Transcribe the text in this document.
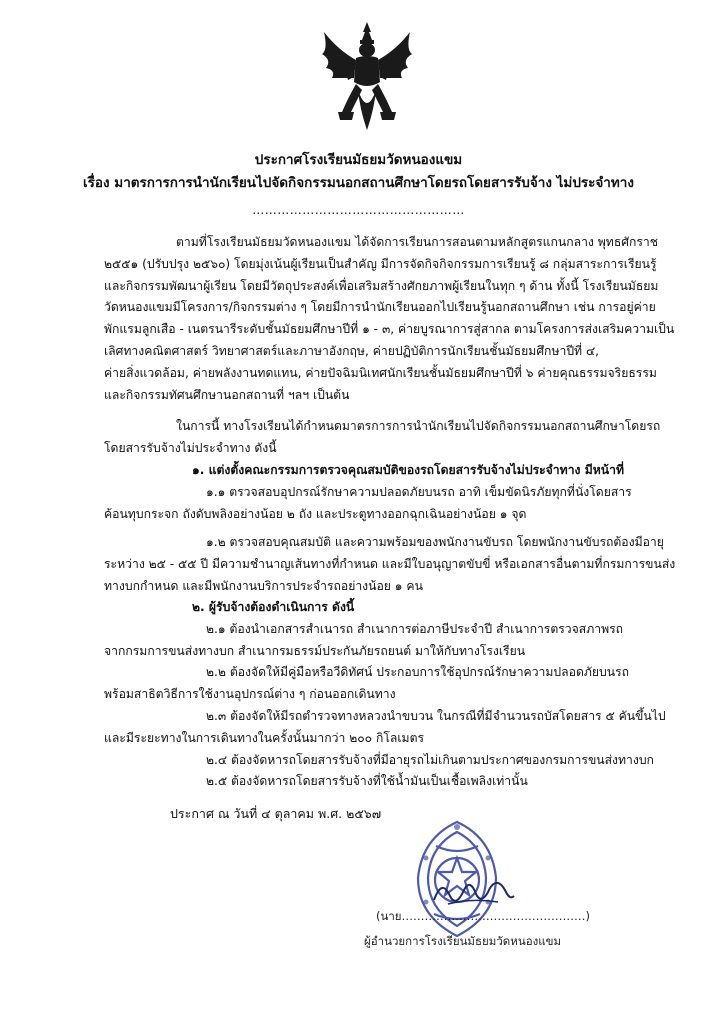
ประกาศโรงเรียนมัธยมวัดหนองแขม
เรื่อง มาตรการการนำนักเรียนไปจัดกิจกรรมนอกสถานศึกษาโดยรถโดยสารรับจ้าง ไม่ประจำทาง
……………………………………………
ตามที่โรงเรียนมัธยมวัดหนองแขม ได้จัดการเรียนการสอนตามหลักสูตรแกนกลาง พุทธศักราช
๒๕๕๑ (ปรับปรุง ๒๕๖๐) โดยมุ่งเน้นผู้เรียนเป็นสำคัญ มีการจัดกิจกิจกรรมการเรียนรู้ ๘ กลุ่มสาระการเรียนรู้
และกิจกรรมพัฒนาผู้เรียน โดยมีวัตถุประสงค์เพื่อเสริมสร้างศักยภาพผู้เรียนในทุก ๆ ด้าน ทั้งนี้ โรงเรียนมัธยม
วัดหนองแขมมีโครงการ/กิจกรรมต่าง ๆ โดยมีการนำนักเรียนออกไปเรียนรู้นอกสถานศึกษา เช่น การอยู่ค่าย
พักแรมลูกเสือ - เนตรนารีระดับชั้นมัธยมศึกษาปีที่ ๑ - ๓, ค่ายบูรณาการสู่สากล ตามโครงการส่งเสริมความเป็น
เลิศทางคณิตศาสตร์ วิทยาศาสตร์และภาษาอังกฤษ, ค่ายปฏิบัติการนักเรียนชั้นมัธยมศึกษาปีที่ ๔,
ค่ายสิ่งแวดล้อม, ค่ายพลังงานทดแทน, ค่ายปัจฉิมนิเทศนักเรียนชั้นมัธยมศึกษาปีที่ ๖ ค่ายคุณธรรมจริยธรรม
และกิจกรรมทัศนศึกษานอกสถานที่ ฯลฯ เป็นต้น
ในการนี้ ทางโรงเรียนได้กำหนดมาตรการการนำนักเรียนไปจัดกิจกรรมนอกสถานศึกษาโดยรถ
โดยสารรับจ้างไม่ประจำทาง ดังนี้
๑. แต่งตั้งคณะกรรมการตรวจคุณสมบัติของรถโดยสารรับจ้างไม่ประจำทาง มีหน้าที่
๑.๑ ตรวจสอบอุปกรณ์รักษาความปลอดภัยบนรถ อาทิ เข็มขัดนิรภัยทุกที่นั่งโดยสาร
ค้อนทุบกระจก ถังดับพลิงอย่างน้อย ๒ ถัง และประตูทางออกฉุกเฉินอย่างน้อย ๑ จุด
๑.๒ ตรวจสอบคุณสมบัติ และความพร้อมของพนักงานขับรถ โดยพนักงานขับรถต้องมีอายุ
ระหว่าง ๒๕ - ๕๕ ปี มีความชำนาญเส้นทางที่กำหนด และมีใบอนุญาตขับขี่ หรือเอกสารอื่นตามที่กรมการขนส่ง
ทางบกกำหนด และมีพนักงานบริการประจำรถอย่างน้อย ๑ คน
๒. ผู้รับจ้างต้องดำเนินการ ดังนี้
๒.๑ ต้องนำเอกสารสำเนารถ สำเนาการต่อภาษีประจำปี สำเนาการตรวจสภาพรถ
จากกรมการขนส่งทางบก สำเนากรมธรรม์ประกันภัยรถยนต์ มาให้กับทางโรงเรียน
๒.๒ ต้องจัดให้มีคู่มือหรือวีดิทัศน์ ประกอบการใช้อุปกรณ์รักษาความปลอดภัยบนรถ
พร้อมสาธิตวิธีการใช้งานอุปกรณ์ต่าง ๆ ก่อนออกเดินทาง
๒.๓ ต้องจัดให้มีรถตำรวจทางหลวงนำขบวน ในกรณีที่มีจำนวนรถบัสโดยสาร ๕ คันขึ้นไป
และมีระยะทางในการเดินทางในครั้งนั้นมากว่า ๒๐๐ กิโลเมตร
๒.๔ ต้องจัดหารถโดยสารรับจ้างที่มีอายุรถไม่เกินตามประกาศของกรมการขนส่งทางบก
๒.๕ ต้องจัดหารถโดยสารรับจ้างที่ใช้น้ำมันเป็นเชื้อเพลิงเท่านั้น
ประกาศ ณ วันที่ ๔ ตุลาคม พ.ศ. ๒๕๖๗
(นาย…………………………………………)
ผู้อำนวยการโรงเรียนมัธยมวัดหนองแขม
